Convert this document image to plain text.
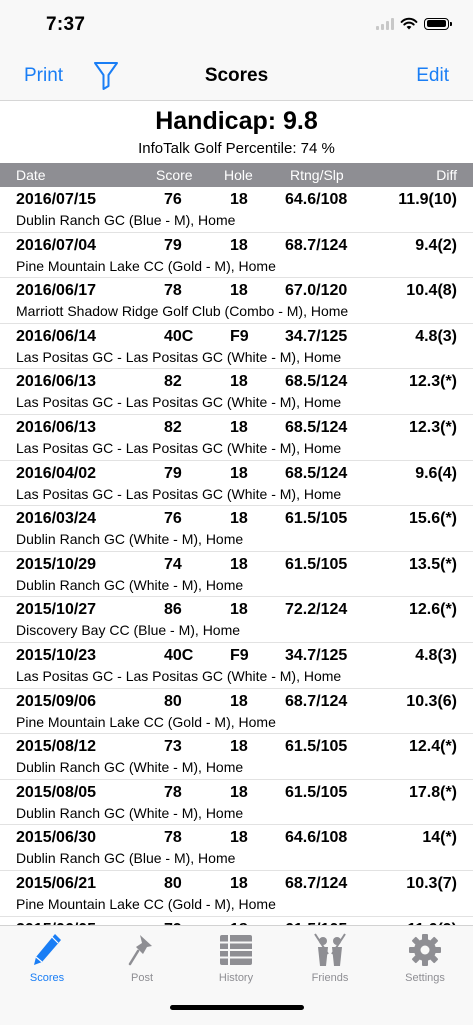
7:37
Print	Scores	Edit
Handicap: 9.8
InfoTalk Golf Percentile: 74 %
Date	Score Hole	Rtng/Slp	Diff
2016/07/15	76	18 64.6/108	11.9(10)
Dublin Ranch GC (Blue - M), Home
2016/07/04	79	18 68.7/124	9.4(2)
Pine Mountain Lake CC (Gold - M), Home
2016/06/17	78	18 67.0/120	10.4(8)
Marriott Shadow Ridge Golf Club (Combo - M), Home
2016/06/14	40C F9 34.7/125	4.8(3)
Las Positas GC - Las Positas GC (White - M), Home
2016/06/13	82	18 68.5/124	12.3(*)
Las Positas GC - Las Positas GC (White - M), Home
2016/06/13	82	18 68.5/124	12.3(*)
Las Positas GC - Las Positas GC (White - M), Home
2016/04/02	79	18 68.5/124	9.6(4)
Las Positas GC - Las Positas GC (White - M), Home
2016/03/24	76	18 61.5/105	15.6(*)
Dublin Ranch GC (White - M), Home
2015/10/29	74	18 61.5/105	13.5(*)
Dublin Ranch GC (White - M), Home
2015/10/27	86	18 72.2/124	12.6(*)
Discovery Bay CC (Blue - M), Home
2015/10/23	40C F9 34.7/125	4.8(3)
Las Positas GC - Las Positas GC (White - M), Home
2015/09/06	80	18 68.7/124	10.3(6)
Pine Mountain Lake CC (Gold - M), Home
2015/08/12	73	18 61.5/105	12.4(*)
Dublin Ranch GC (White - M), Home
2015/08/05	78	18 61.5/105	17.8(*)
Dublin Ranch GC (White - M), Home
2015/06/30	78	18 64.6/108	14(*)
Dublin Ranch GC (Blue - M), Home
2015/06/21	80	18 68.7/124	10.3(7)
Pine Mountain Lake CC (Gold - M), Home
Scores	Post	History	Friends	Settings
